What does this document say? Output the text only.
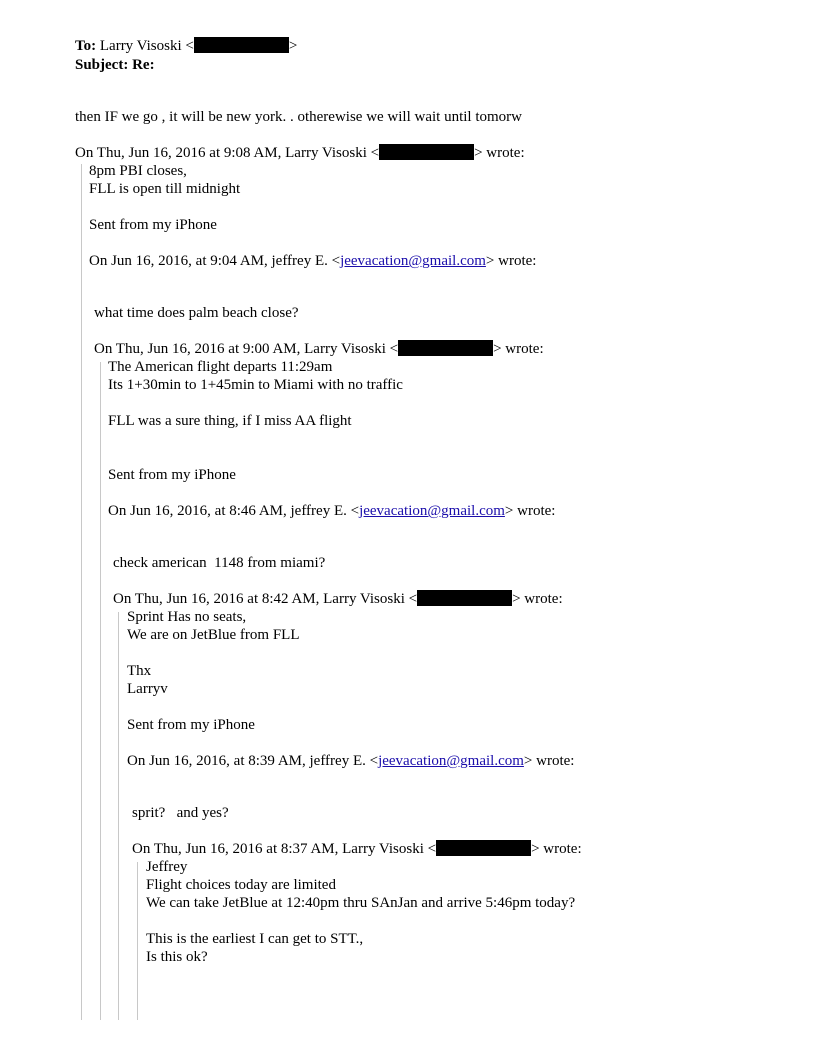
To: Larry Visoski <	>
Subject: Re:
then IF we go , it will be new york. . otherewise we will wait until tomorw
On Thu, Jun 16, 2016 at 9:08 AM, Larry Visoski <	> wrote:
8pm PBI closes,
FLL is open till midnight
Sent from my iPhone
On Jun 16, 2016, at 9:04 AM, jeffrey E. <jeevacation@gmail.com> wrote:
what time does palm beach close?
On Thu, Jun 16, 2016 at 9:00 AM, Larry Visoski <	> wrote:
The American flight departs 11:29am
Its 1+30min to 1+45min to Miami with no traffic
FLL was a sure thing, if I miss AA flight
Sent from my iPhone
On Jun 16, 2016, at 8:46 AM, jeffrey E. <jeevacation@gmail.com> wrote:
check american  1148 from miami?
On Thu, Jun 16, 2016 at 8:42 AM, Larry Visoski <	> wrote:
Sprint Has no seats,
We are on JetBlue from FLL
Thx
Larryv
Sent from my iPhone
On Jun 16, 2016, at 8:39 AM, jeffrey E. <jeevacation@gmail.com> wrote:
sprit?   and yes?
On Thu, Jun 16, 2016 at 8:37 AM, Larry Visoski <	> wrote:
Jeffrey
Flight choices today are limited
We can take JetBlue at 12:40pm thru SAnJan and arrive 5:46pm today?
This is the earliest I can get to STT.,
Is this ok?
